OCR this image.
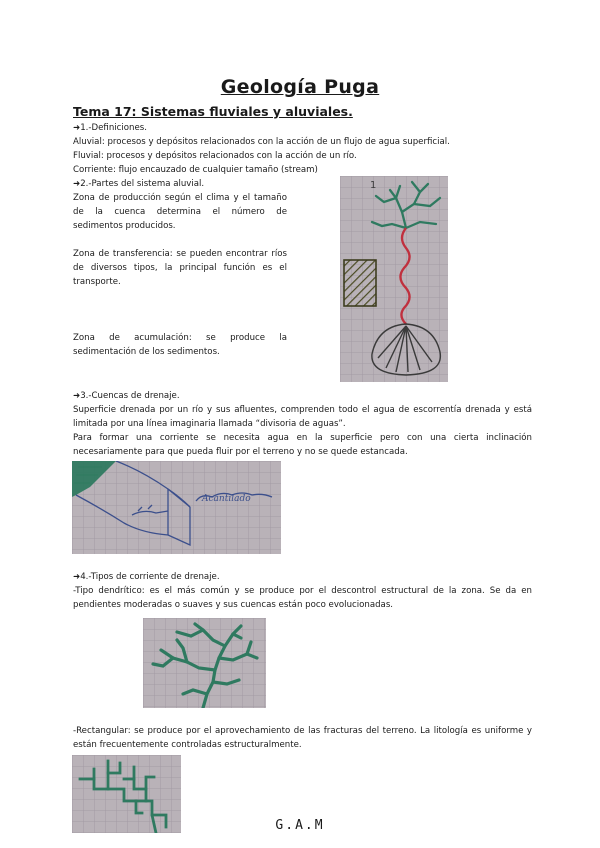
Geología Puga
Tema 17: Sistemas fluviales y aluviales.
➜1.-Definiciones.
Aluvial: procesos y depósitos relacionados con la acción de un flujo de agua superficial.
Fluvial: procesos y depósitos relacionados con la acción de un río.
Corriente: flujo encauzado de cualquier tamaño (stream)
➜2.-Partes del sistema aluvial.
Zona de producción según el clima y el tamaño de la cuenca determina el número de sedimentos producidos.
Zona de transferencia: se pueden encontrar ríos de diversos tipos, la principal función es el transporte.
Zona de acumulación: se produce la sedimentación de los sedimentos.
1
➜3.-Cuencas de drenaje.
Superficie drenada por un río y sus afluentes, comprenden todo el agua de escorrentía drenada y está limitada por una línea imaginaria llamada “divisoria de aguas”.
Para formar una corriente se necesita agua en la superficie pero con una cierta inclinación necesariamente para que pueda fluir por el terreno y no se quede estancada.
Acantilado
➜4.-Tipos de corriente de drenaje.
-Tipo dendrítico: es el más común y se produce por el descontrol estructural de la zona. Se da en pendientes moderadas o suaves y sus cuencas están poco evolucionadas.
-Rectangular: se produce por el aprovechamiento de las fracturas del terreno. La litología es uniforme y están frecuentemente controladas estructuralmente.
G.A.M
